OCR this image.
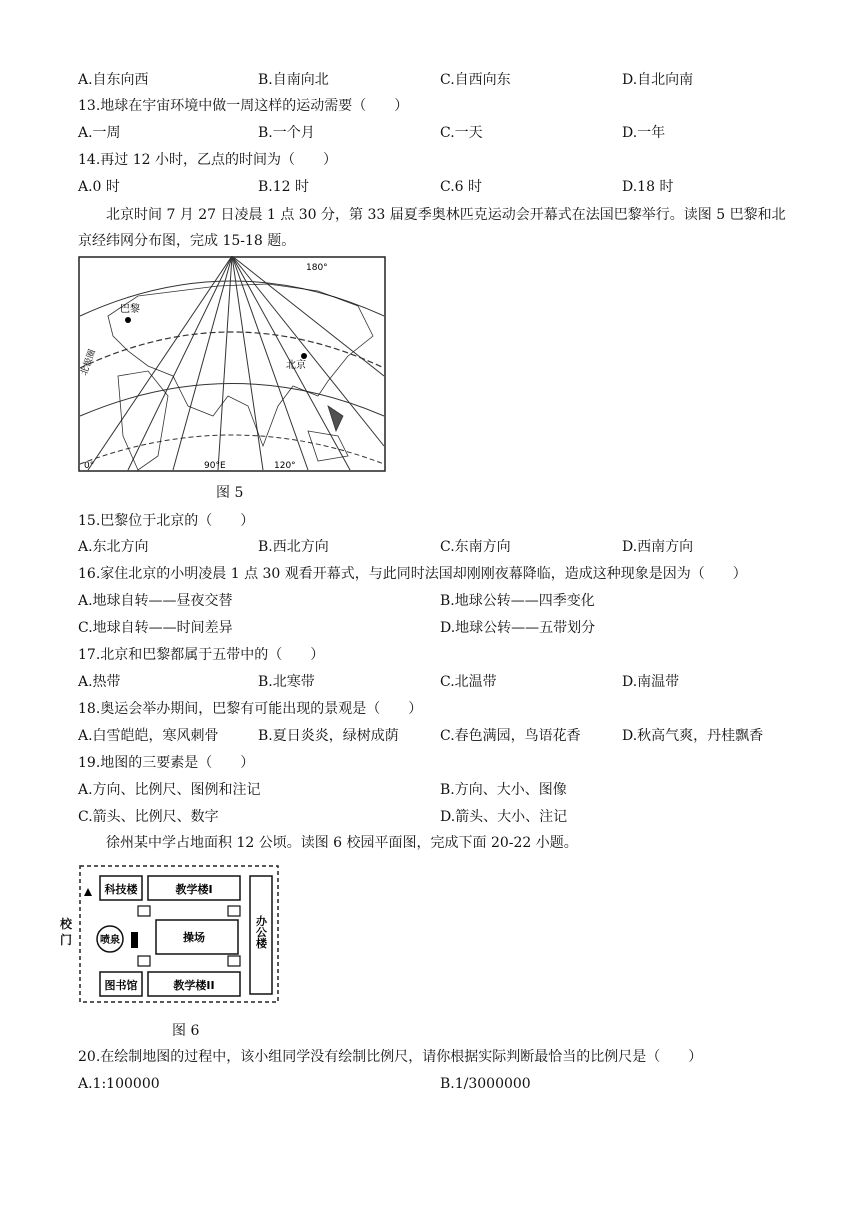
A.自东向西	B.自南向北	C.自西向东	D.自北向南
13.地球在宇宙环境中做一周这样的运动需要（　　）
A.一周	B.一个月	C.一天	D.一年
14.再过 12 小时，乙点的时间为（　　）
A.0 时	B.12 时	C.6 时	D.18 时
北京时间 7 月 27 日凌晨 1 点 30 分，第 33 届夏季奥林匹克运动会开幕式在法国巴黎举行。读图 5 巴黎和北京经纬网分布图，完成 15-18 题。
巴黎
北京
北极圈
180°
0°	90°E	120°
图 5
15.巴黎位于北京的（　　）
A.东北方向	B.西北方向	C.东南方向	D.西南方向
16.家住北京的小明凌晨 1 点 30 观看开幕式，与此同时法国却刚刚夜幕降临，造成这种现象是因为（　　）
A.地球自转——昼夜交替	B.地球公转——四季变化
C.地球自转——时间差异	D.地球公转——五带划分
17.北京和巴黎都属于五带中的（　　）
A.热带	B.北寒带	C.北温带	D.南温带
18.奥运会举办期间，巴黎有可能出现的景观是（　　）
A.白雪皑皑，寒风刺骨	B.夏日炎炎，绿树成荫	C.春色满园，鸟语花香	D.秋高气爽，丹桂飘香
19.地图的三要素是（　　）
A.方向、比例尺、图例和注记	B.方向、大小、图像
C.箭头、比例尺、数字	D.箭头、大小、注记
徐州某中学占地面积 12 公顷。读图 6 校园平面图，完成下面 20-22 小题。
科技楼	教学楼I
喷泉	操场	办公楼
图书馆	教学楼II
校门
图 6
20.在绘制地图的过程中，该小组同学没有绘制比例尺，请你根据实际判断最恰当的比例尺是（　　）
A.1:100000	B.1/3000000
